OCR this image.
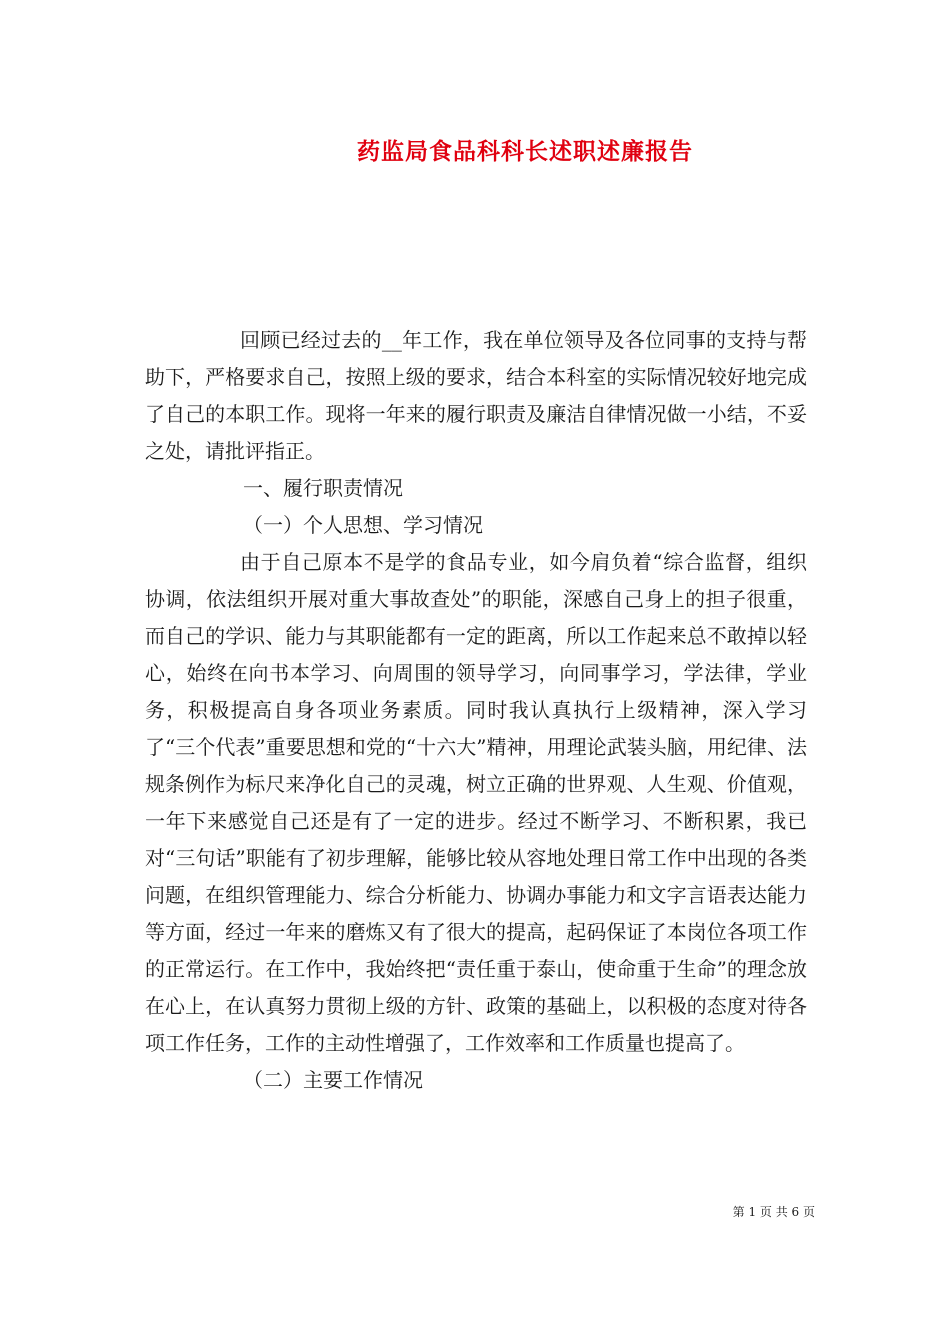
药监局食品科科长述职述廉报告

回顾已经过去的__年工作，我在单位领导及各位同事的支持与帮助下，严格要求自己，按照上级的要求，结合本科室的实际情况较好地完成了自己的本职工作。现将一年来的履行职责及廉洁自律情况做一小结，不妥之处，请批评指正。

一、履行职责情况

（一）个人思想、学习情况

由于自己原本不是学的食品专业，如今肩负着“综合监督，组织协调，依法组织开展对重大事故查处”的职能，深感自己身上的担子很重，而自己的学识、能力与其职能都有一定的距离，所以工作起来总不敢掉以轻心，始终在向书本学习、向周围的领导学习，向同事学习，学法律，学业务，积极提高自身各项业务素质。同时我认真执行上级精神，深入学习了“三个代表”重要思想和党的“十六大”精神，用理论武装头脑，用纪律、法规条例作为标尺来净化自己的灵魂，树立正确的世界观、人生观、价值观，一年下来感觉自己还是有了一定的进步。经过不断学习、不断积累，我已对“三句话”职能有了初步理解，能够比较从容地处理日常工作中出现的各类问题，在组织管理能力、综合分析能力、协调办事能力和文字言语表达能力等方面，经过一年来的磨炼又有了很大的提高，起码保证了本岗位各项工作的正常运行。在工作中，我始终把“责任重于泰山，使命重于生命”的理念放在心上，在认真努力贯彻上级的方针、政策的基础上，以积极的态度对待各项工作任务，工作的主动性增强了，工作效率和工作质量也提高了。

（二）主要工作情况

第 1 页 共 6 页
